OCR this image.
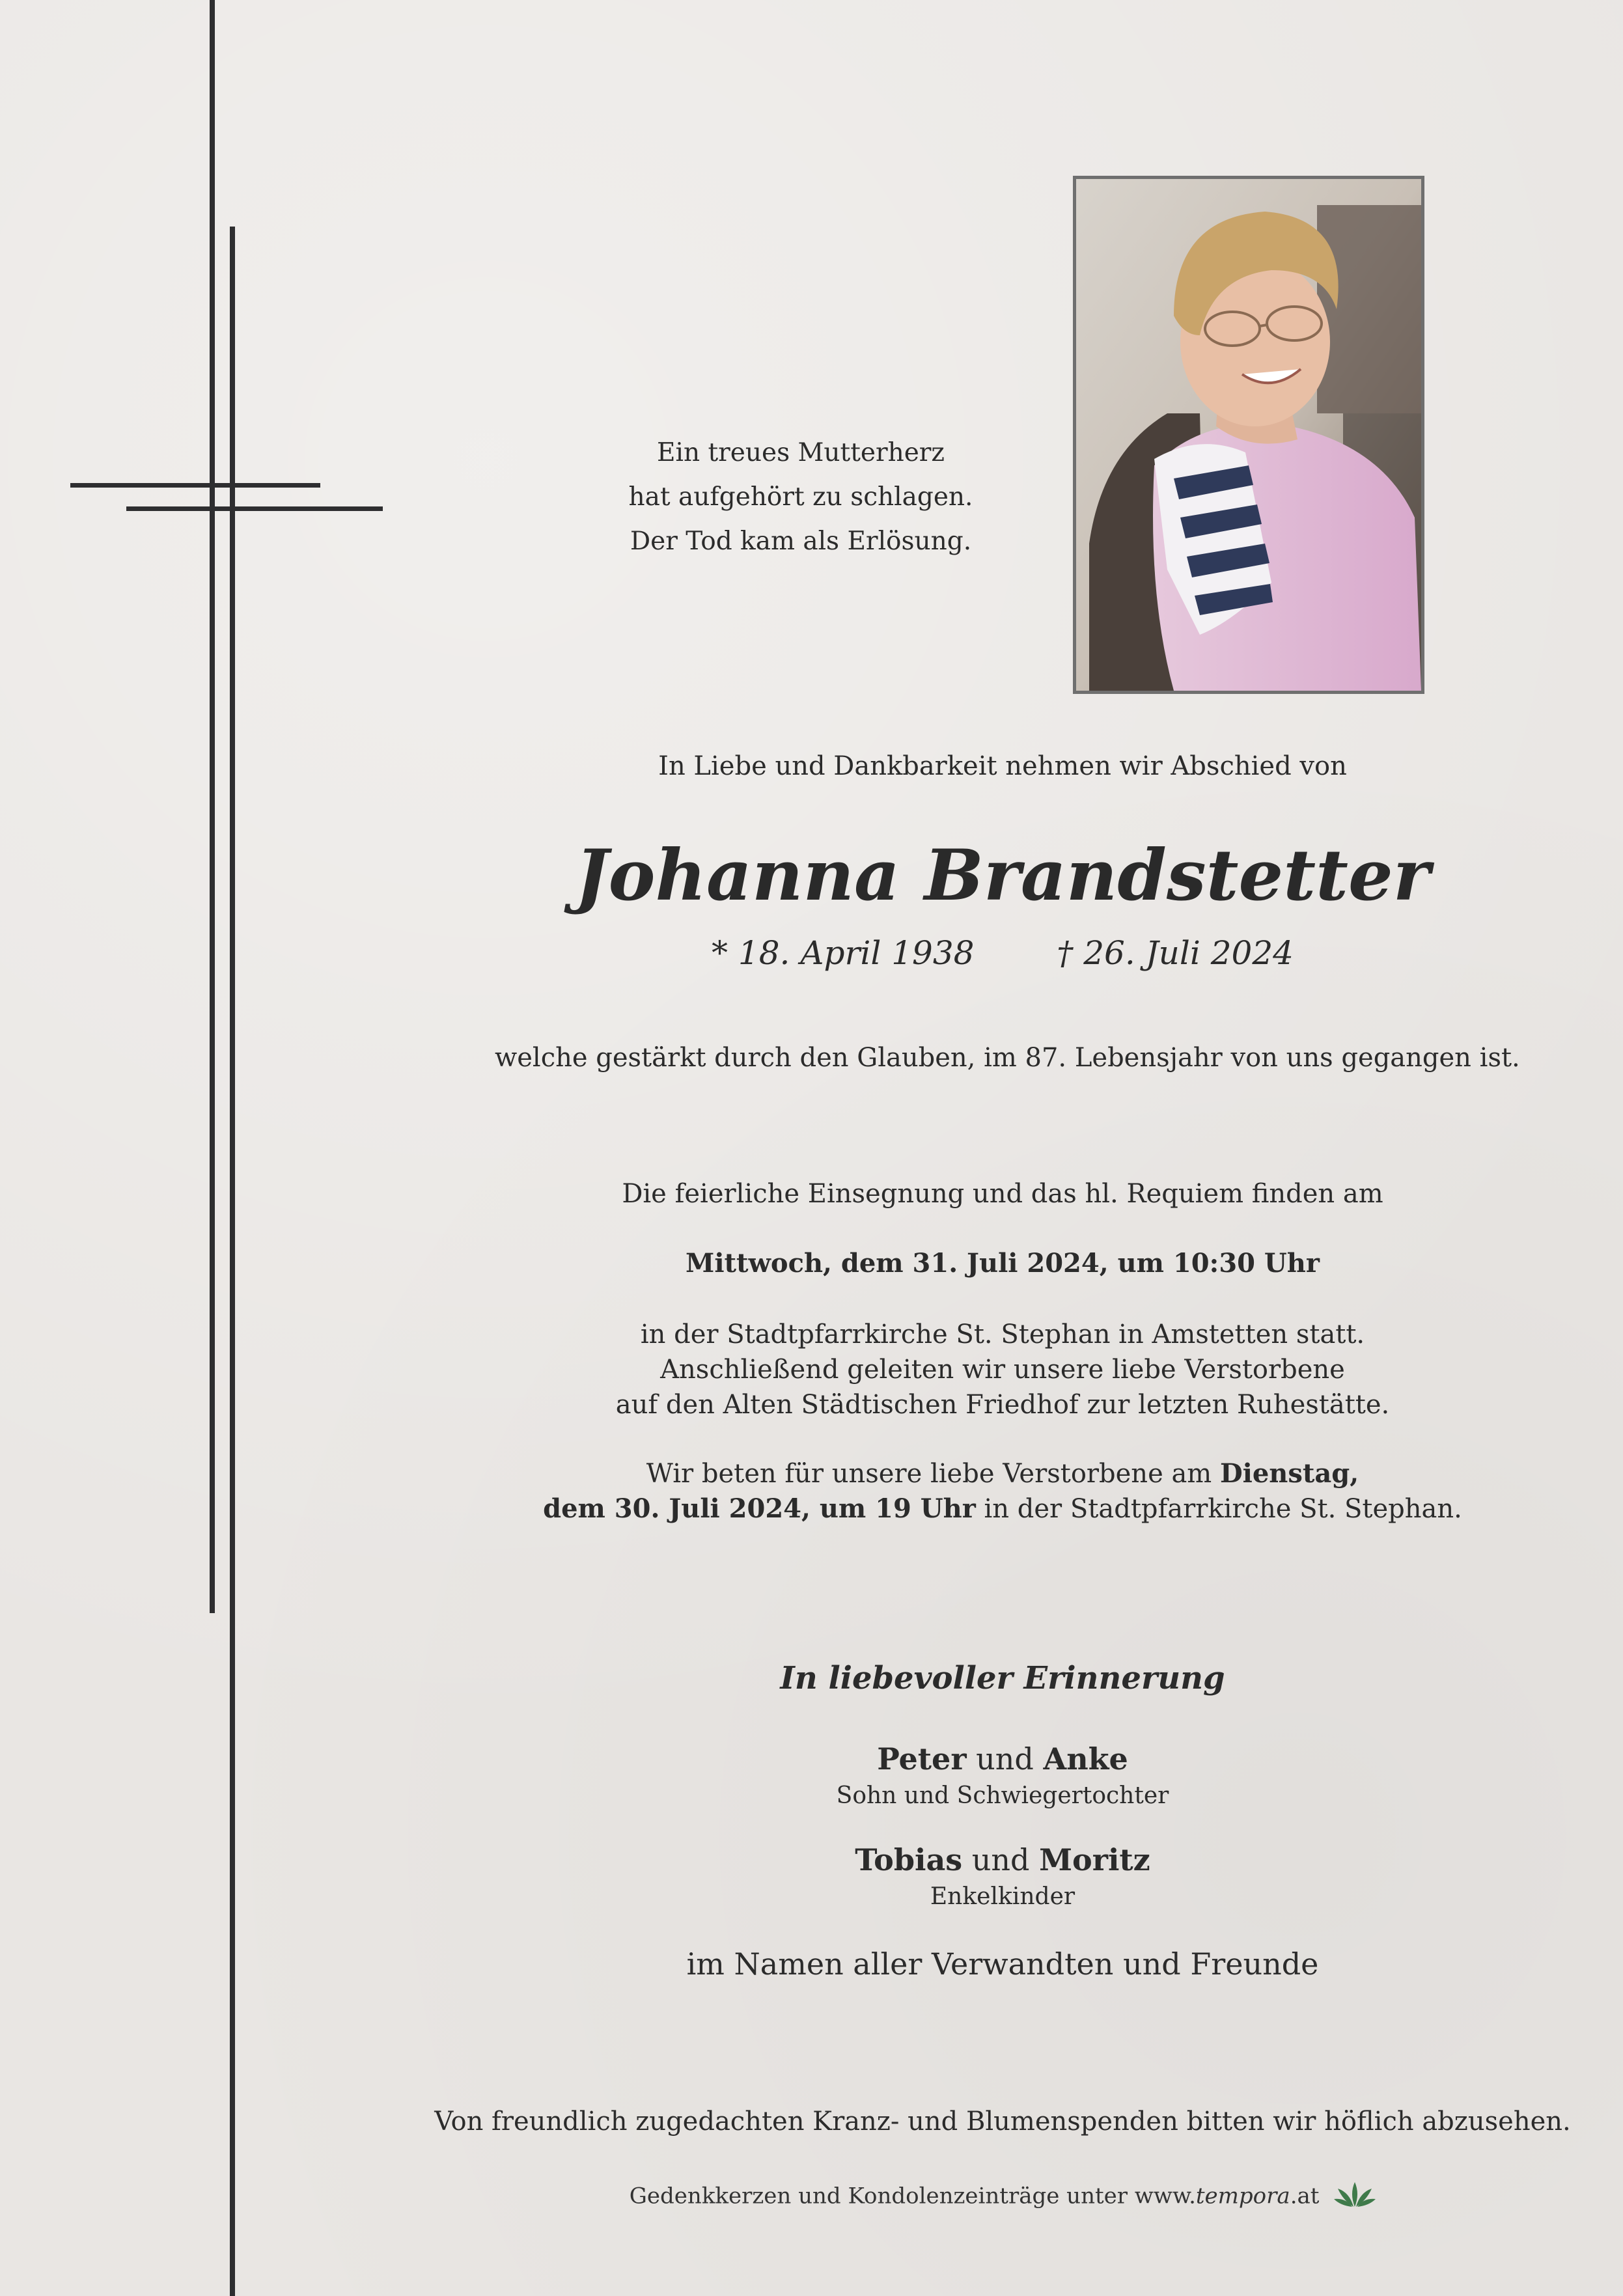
Ein treues Mutterherz
hat aufgehört zu schlagen.
Der Tod kam als Erlösung.
In Liebe und Dankbarkeit nehmen wir Abschied von
Johanna Brandstetter
* 18. April 1938	† 26. Juli 2024
welche gestärkt durch den Glauben, im 87. Lebensjahr von uns gegangen ist.
Die feierliche Einsegnung und das hl. Requiem finden am
Mittwoch, dem 31. Juli 2024, um 10:30 Uhr
in der Stadtpfarrkirche St. Stephan in Amstetten statt.
Anschließend geleiten wir unsere liebe Verstorbene
auf den Alten Städtischen Friedhof zur letzten Ruhestätte.
Wir beten für unsere liebe Verstorbene am Dienstag,
dem 30. Juli 2024, um 19 Uhr in der Stadtpfarrkirche St. Stephan.
In liebevoller Erinnerung
Peter und Anke
Sohn und Schwiegertochter
Tobias und Moritz
Enkelkinder
im Namen aller Verwandten und Freunde
Von freundlich zugedachten Kranz- und Blumenspenden bitten wir höflich abzusehen.
Gedenkkerzen und Kondolenzeinträge unter www.tempora.at
